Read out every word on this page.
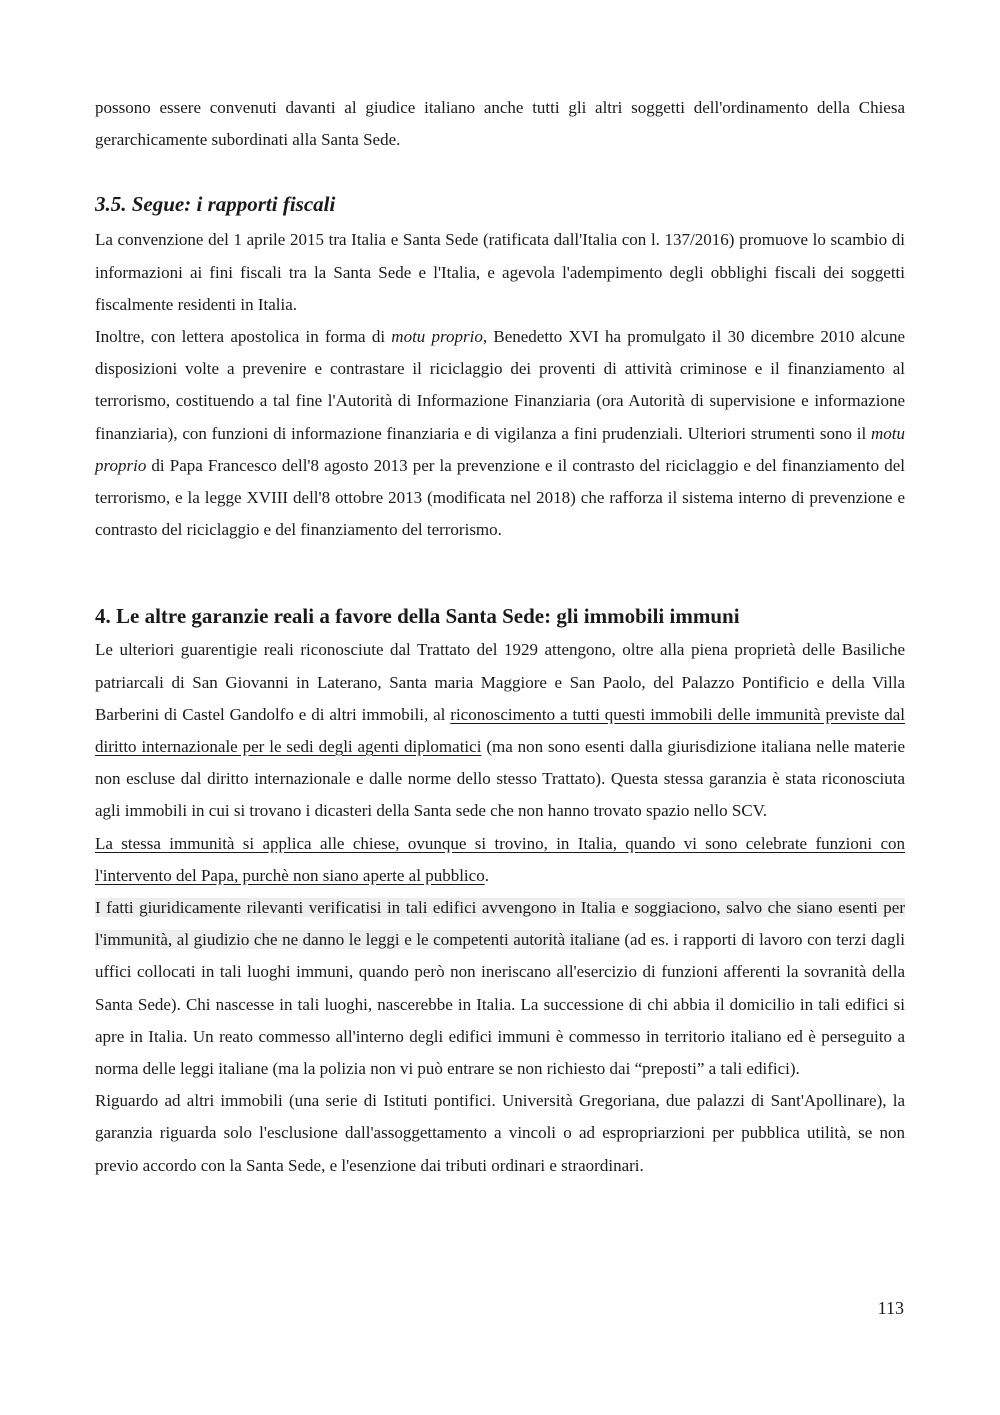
possono essere convenuti davanti al giudice italiano anche tutti gli altri soggetti dell'ordinamento della Chiesa gerarchicamente subordinati alla Santa Sede.

3.5. Segue: i rapporti fiscali

La convenzione del 1 aprile 2015 tra Italia e Santa Sede (ratificata dall'Italia con l. 137/2016) promuove lo scambio di informazioni ai fini fiscali tra la Santa Sede e l'Italia, e agevola l'adempimento degli obblighi fiscali dei soggetti fiscalmente residenti in Italia.

Inoltre, con lettera apostolica in forma di motu proprio, Benedetto XVI ha promulgato il 30 dicembre 2010 alcune disposizioni volte a prevenire e contrastare il riciclaggio dei proventi di attività criminose e il finanziamento al terrorismo, costituendo a tal fine l'Autorità di Informazione Finanziaria (ora Autorità di supervisione e informazione finanziaria), con funzioni di informazione finanziaria e di vigilanza a fini prudenziali. Ulteriori strumenti sono il motu proprio di Papa Francesco dell'8 agosto 2013 per la prevenzione e il contrasto del riciclaggio e del finanziamento del terrorismo, e la legge XVIII dell'8 ottobre 2013 (modificata nel 2018) che rafforza il sistema interno di prevenzione e contrasto del riciclaggio e del finanziamento del terrorismo.

4. Le altre garanzie reali a favore della Santa Sede: gli immobili immuni

Le ulteriori guarentigie reali riconosciute dal Trattato del 1929 attengono, oltre alla piena proprietà delle Basiliche patriarcali di San Giovanni in Laterano, Santa maria Maggiore e San Paolo, del Palazzo Pontificio e della Villa Barberini di Castel Gandolfo e di altri immobili, al riconoscimento a tutti questi immobili delle immunità previste dal diritto internazionale per le sedi degli agenti diplomatici (ma non sono esenti dalla giurisdizione italiana nelle materie non escluse dal diritto internazionale e dalle norme dello stesso Trattato). Questa stessa garanzia è stata riconosciuta agli immobili in cui si trovano i dicasteri della Santa sede che non hanno trovato spazio nello SCV.

La stessa immunità si applica alle chiese, ovunque si trovino, in Italia, quando vi sono celebrate funzioni con l'intervento del Papa, purchè non siano aperte al pubblico.

I fatti giuridicamente rilevanti verificatisi in tali edifici avvengono in Italia e soggiaciono, salvo che siano esenti per l'immunità, al giudizio che ne danno le leggi e le competenti autorità italiane (ad es. i rapporti di lavoro con terzi dagli uffici collocati in tali luoghi immuni, quando però non ineriscano all'esercizio di funzioni afferenti la sovranità della Santa Sede). Chi nascesse in tali luoghi, nascerebbe in Italia. La successione di chi abbia il domicilio in tali edifici si apre in Italia. Un reato commesso all'interno degli edifici immuni è commesso in territorio italiano ed è perseguito a norma delle leggi italiane (ma la polizia non vi può entrare se non richiesto dai “preposti” a tali edifici).

Riguardo ad altri immobili (una serie di Istituti pontifici. Università Gregoriana, due palazzi di Sant'Apollinare), la garanzia riguarda solo l'esclusione dall'assoggettamento a vincoli o ad espropriarzioni per pubblica utilità, se non previo accordo con la Santa Sede, e l'esenzione dai tributi ordinari e straordinari.

113
